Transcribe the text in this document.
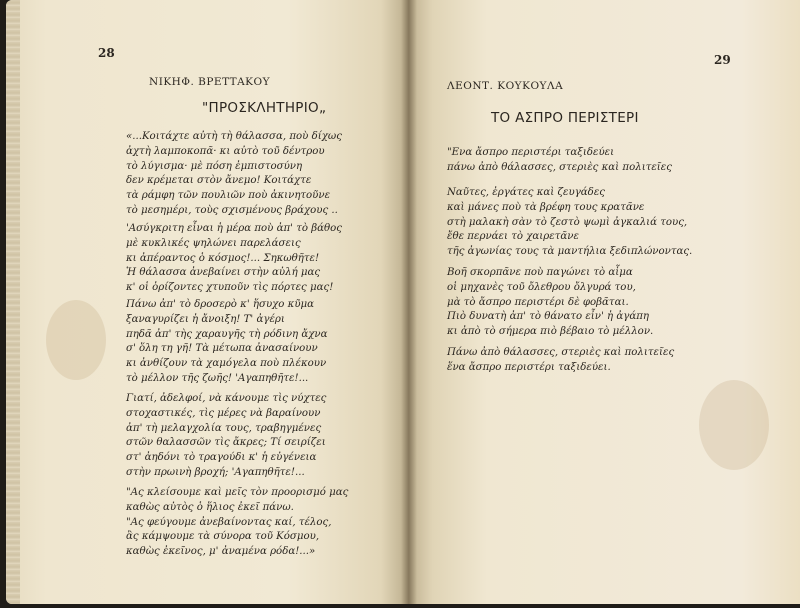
28
ΝΙΚΗΦ. ΒΡΕΤΤΑΚΟΥ
"ΠΡΟΣΚΛΗΤΗΡΙΟ„
«...Κοιτάχτε αὐτὴ τὴ θάλασσα, ποὺ δίχως
ἀχτὴ λαμποκοπᾶ· κι αὐτὸ τοῦ δέντρου
τὸ λύγισμα· μὲ πόση ἐμπιστοσύνη
δεν κρέμεται στὸν ἄνεμο! Κοιτάχτε
τὰ ράμφη τῶν πουλιῶν ποὺ ἀκινητοῦνε
τὸ μεσημέρι, τοὺς σχισμένους βράχους ..
'Ασύγκριτη εἶναι ἡ μέρα ποὺ ἀπ' τὸ βάθος
μὲ κυκλικές ψηλώνει παρελάσεις
κι ἀπέραντος ὁ κόσμος!... Σηκωθῆτε!
Ἡ θάλασσα ἀνεβαίνει στὴν αὐλή μας
κ' οἱ ὁρίζοντες χτυποῦν τὶς πόρτες μας!
Πάνω ἀπ' τὸ δροσερὸ κ' ἥσυχο κῦμα
ξαναγυρίζει ἡ ἄνοιξη! Τ' ἀγέρι
πηδᾶ ἀπ' τὴς χαραυγῆς τὴ ρόδινη ἄχνα
σ' ὅλη τη γῆ! Τὰ μέτωπα ἀνασαίνουν
κι ἀνθίζουν τὰ χαμόγελα ποὺ πλέκουν
τὸ μέλλον τῆς ζωῆς! 'Αγαπηθῆτε!...
Γιατί, ἀδελφοί, νὰ κάνουμε τὶς νύχτες
στοχαστικές, τὶς μέρες νὰ βαραίνουν
ἀπ' τὴ μελαγχολία τους, τραβηγμένες
στῶν θαλασσῶν τὶς ἄκρες; Τί σειρίζει
στ' ἀηδόνι τὸ τραγούδι κ' ἡ εὐγένεια
στὴν πρωινὴ βροχή; 'Αγαπηθῆτε!...
"Ας κλείσουμε καὶ μεῖς τὸν προορισμό μας
καθὼς αὐτὸς ὁ ἥλιος ἐκεῖ πάνω.
"Ας φεύγουμε ἀνεβαίνοντας καί, τέλος,
ἂς κάμψουμε τὰ σύνορα τοῦ Κόσμου,
καθὼς ἐκεῖνος, μ' ἀναμένα ρόδα!...»
29
ΛΕΟΝΤ. ΚΟΥΚΟΥΛΑ
ΤΟ ΑΣΠΡΟ ΠΕΡΙΣΤΕΡΙ
"Ενα ἄσπρο περιστέρι ταξιδεύει
πάνω ἀπὸ θάλασσες, στεριὲς καὶ πολιτεῖες
Ναῦτες, ἐργάτες καὶ ζευγάδες
καὶ μάνες ποὺ τὰ βρέφη τους κρατᾶνε
στὴ μαλακὴ σὰν τὸ ζεστὸ ψωμὶ ἀγκαλιά τους,
ἔθε περνάει τὸ χαιρετᾶνε
τῆς ἀγωνίας τους τὰ μαντήλια ξεδιπλώνοντας.
Βοῆ σκορπᾶνε ποὺ παγώνει τὸ αἷμα
οἱ μηχανὲς τοῦ ὄλεθρου ὄλγυρά του,
μὰ τὸ ἄσπρο περιστέρι δὲ φοβᾶται.
Πιὸ δυνατὴ ἀπ' τὸ θάνατο εἶν' ἡ ἀγάπη
κι ἀπὸ τὸ σήμερα πιὸ βέβαιο τὸ μέλλον.
Πάνω ἀπὸ θάλασσες, στεριὲς καὶ πολιτεῖες
ἕνα ἄσπρο περιστέρι ταξιδεύει.
